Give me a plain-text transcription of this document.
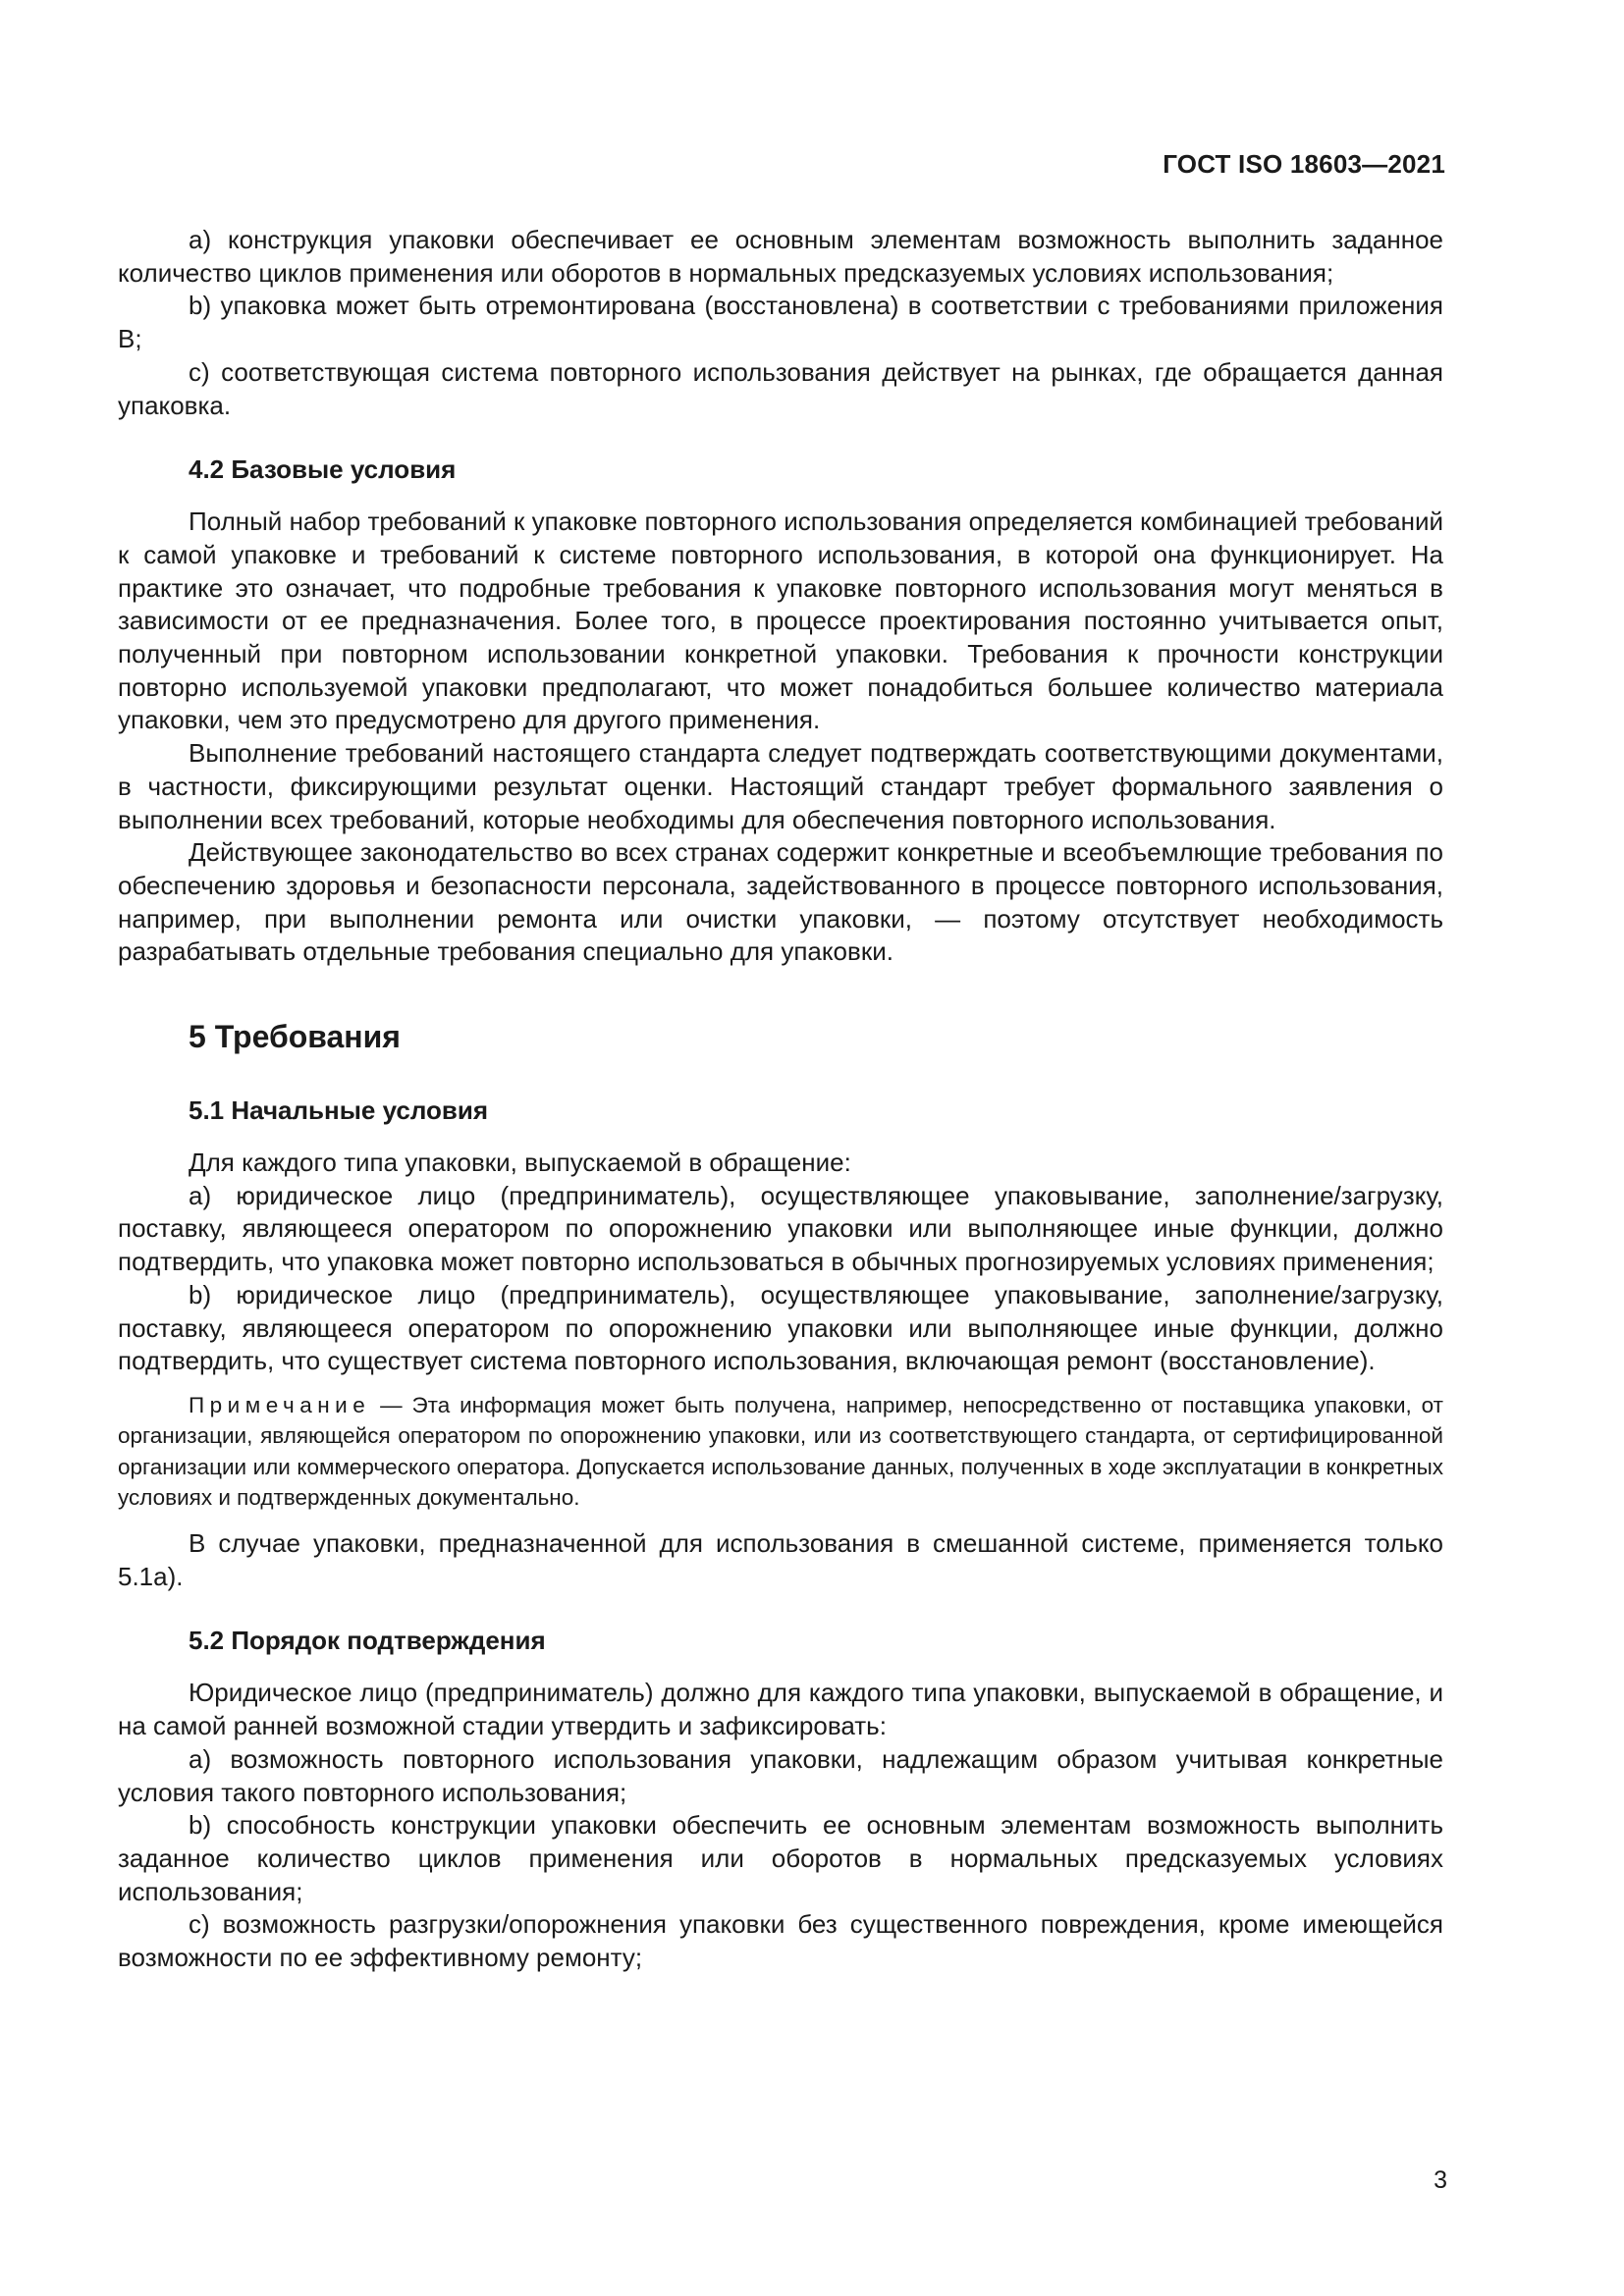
ГОСТ ISO 18603—2021

a) конструкция упаковки обеспечивает ее основным элементам возможность выполнить заданное количество циклов применения или оборотов в нормальных предсказуемых условиях использования;

b) упаковка может быть отремонтирована (восстановлена) в соответствии с требованиями приложения B;

c) соответствующая система повторного использования действует на рынках, где обращается данная упаковка.

4.2 Базовые условия

Полный набор требований к упаковке повторного использования определяется комбинацией требований к самой упаковке и требований к системе повторного использования, в которой она функционирует. На практике это означает, что подробные требования к упаковке повторного использования могут меняться в зависимости от ее предназначения. Более того, в процессе проектирования постоянно учитывается опыт, полученный при повторном использовании конкретной упаковки. Требования к прочности конструкции повторно используемой упаковки предполагают, что может понадобиться большее количество материала упаковки, чем это предусмотрено для другого применения.

Выполнение требований настоящего стандарта следует подтверждать соответствующими документами, в частности, фиксирующими результат оценки. Настоящий стандарт требует формального заявления о выполнении всех требований, которые необходимы для обеспечения повторного использования.

Действующее законодательство во всех странах содержит конкретные и всеобъемлющие требования по обеспечению здоровья и безопасности персонала, задействованного в процессе повторного использования, например, при выполнении ремонта или очистки упаковки, — поэтому отсутствует необходимость разрабатывать отдельные требования специально для упаковки.

5 Требования
5.1 Начальные условия

Для каждого типа упаковки, выпускаемой в обращение:

a) юридическое лицо (предприниматель), осуществляющее упаковывание, заполнение/загрузку, поставку, являющееся оператором по опорожнению упаковки или выполняющее иные функции, должно подтвердить, что упаковка может повторно использоваться в обычных прогнозируемых условиях применения;

b) юридическое лицо (предприниматель), осуществляющее упаковывание, заполнение/загрузку, поставку, являющееся оператором по опорожнению упаковки или выполняющее иные функции, должно подтвердить, что существует система повторного использования, включающая ремонт (восстановление).

Примечание — Эта информация может быть получена, например, непосредственно от поставщика упаковки, от организации, являющейся оператором по опорожнению упаковки, или из соответствующего стандарта, от сертифицированной организации или коммерческого оператора. Допускается использование данных, полученных в ходе эксплуатации в конкретных условиях и подтвержденных документально.

В случае упаковки, предназначенной для использования в смешанной системе, применяется только 5.1a).

5.2 Порядок подтверждения

Юридическое лицо (предприниматель) должно для каждого типа упаковки, выпускаемой в обращение, и на самой ранней возможной стадии утвердить и зафиксировать:

a) возможность повторного использования упаковки, надлежащим образом учитывая конкретные условия такого повторного использования;

b) способность конструкции упаковки обеспечить ее основным элементам возможность выполнить заданное количество циклов применения или оборотов в нормальных предсказуемых условиях использования;

c) возможность разгрузки/опорожнения упаковки без существенного повреждения, кроме имеющейся возможности по ее эффективному ремонту;

3
